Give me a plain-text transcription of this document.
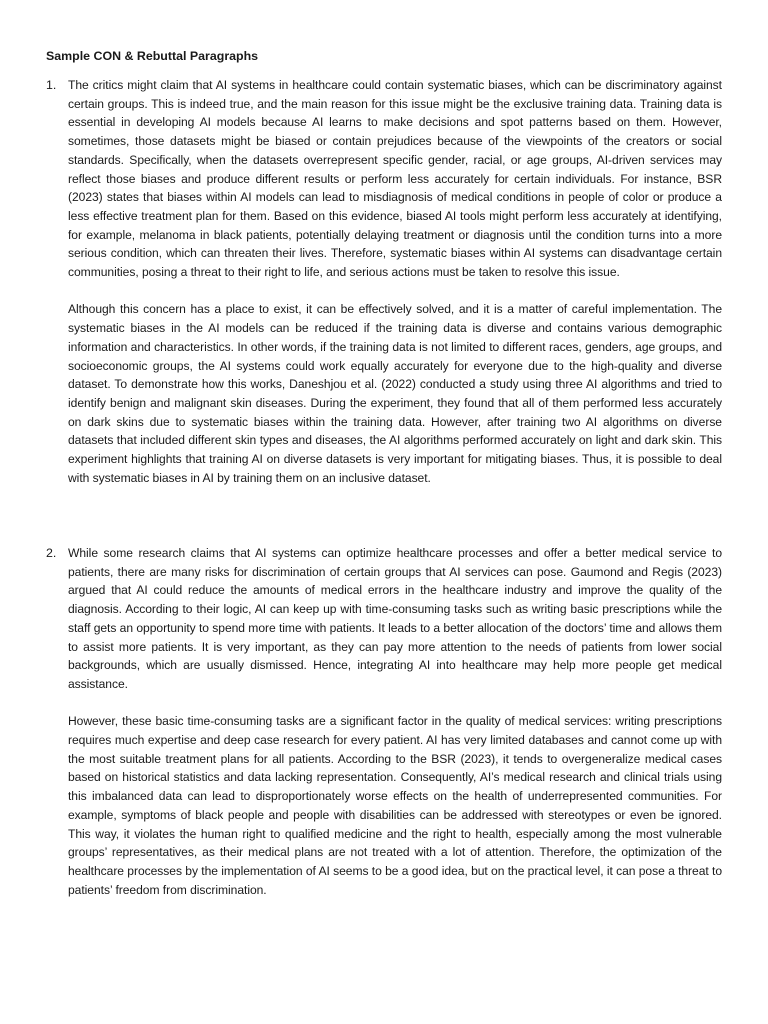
Sample CON & Rebuttal Paragraphs
1. The critics might claim that AI systems in healthcare could contain systematic biases, which can be discriminatory against certain groups. This is indeed true, and the main reason for this issue might be the exclusive training data. Training data is essential in developing AI models because AI learns to make decisions and spot patterns based on them. However, sometimes, those datasets might be biased or contain prejudices because of the viewpoints of the creators or social standards. Specifically, when the datasets overrepresent specific gender, racial, or age groups, AI-driven services may reflect those biases and produce different results or perform less accurately for certain individuals. For instance, BSR (2023) states that biases within AI models can lead to misdiagnosis of medical conditions in people of color or produce a less effective treatment plan for them. Based on this evidence, biased AI tools might perform less accurately at identifying, for example, melanoma in black patients, potentially delaying treatment or diagnosis until the condition turns into a more serious condition, which can threaten their lives. Therefore, systematic biases within AI systems can disadvantage certain communities, posing a threat to their right to life, and serious actions must be taken to resolve this issue.

Although this concern has a place to exist, it can be effectively solved, and it is a matter of careful implementation. The systematic biases in the AI models can be reduced if the training data is diverse and contains various demographic information and characteristics. In other words, if the training data is not limited to different races, genders, age groups, and socioeconomic groups, the AI systems could work equally accurately for everyone due to the high-quality and diverse dataset. To demonstrate how this works, Daneshjou et al. (2022) conducted a study using three AI algorithms and tried to identify benign and malignant skin diseases. During the experiment, they found that all of them performed less accurately on dark skins due to systematic biases within the training data. However, after training two AI algorithms on diverse datasets that included different skin types and diseases, the AI algorithms performed accurately on light and dark skin. This experiment highlights that training AI on diverse datasets is very important for mitigating biases. Thus, it is possible to deal with systematic biases in AI by training them on an inclusive dataset.

2. While some research claims that AI systems can optimize healthcare processes and offer a better medical service to patients, there are many risks for discrimination of certain groups that AI services can pose. Gaumond and Regis (2023) argued that AI could reduce the amounts of medical errors in the healthcare industry and improve the quality of the diagnosis. According to their logic, AI can keep up with time-consuming tasks such as writing basic prescriptions while the staff gets an opportunity to spend more time with patients. It leads to a better allocation of the doctors’ time and allows them to assist more patients. It is very important, as they can pay more attention to the needs of patients from lower social backgrounds, which are usually dismissed. Hence, integrating AI into healthcare may help more people get medical assistance.

However, these basic time-consuming tasks are a significant factor in the quality of medical services: writing prescriptions requires much expertise and deep case research for every patient. AI has very limited databases and cannot come up with the most suitable treatment plans for all patients. According to the BSR (2023), it tends to overgeneralize medical cases based on historical statistics and data lacking representation. Consequently, AI’s medical research and clinical trials using this imbalanced data can lead to disproportionately worse effects on the health of underrepresented communities. For example, symptoms of black people and people with disabilities can be addressed with stereotypes or even be ignored. This way, it violates the human right to qualified medicine and the right to health, especially among the most vulnerable groups’ representatives, as their medical plans are not treated with a lot of attention. Therefore, the optimization of the healthcare processes by the implementation of AI seems to be a good idea, but on the practical level, it can pose a threat to patients’ freedom from discrimination.
